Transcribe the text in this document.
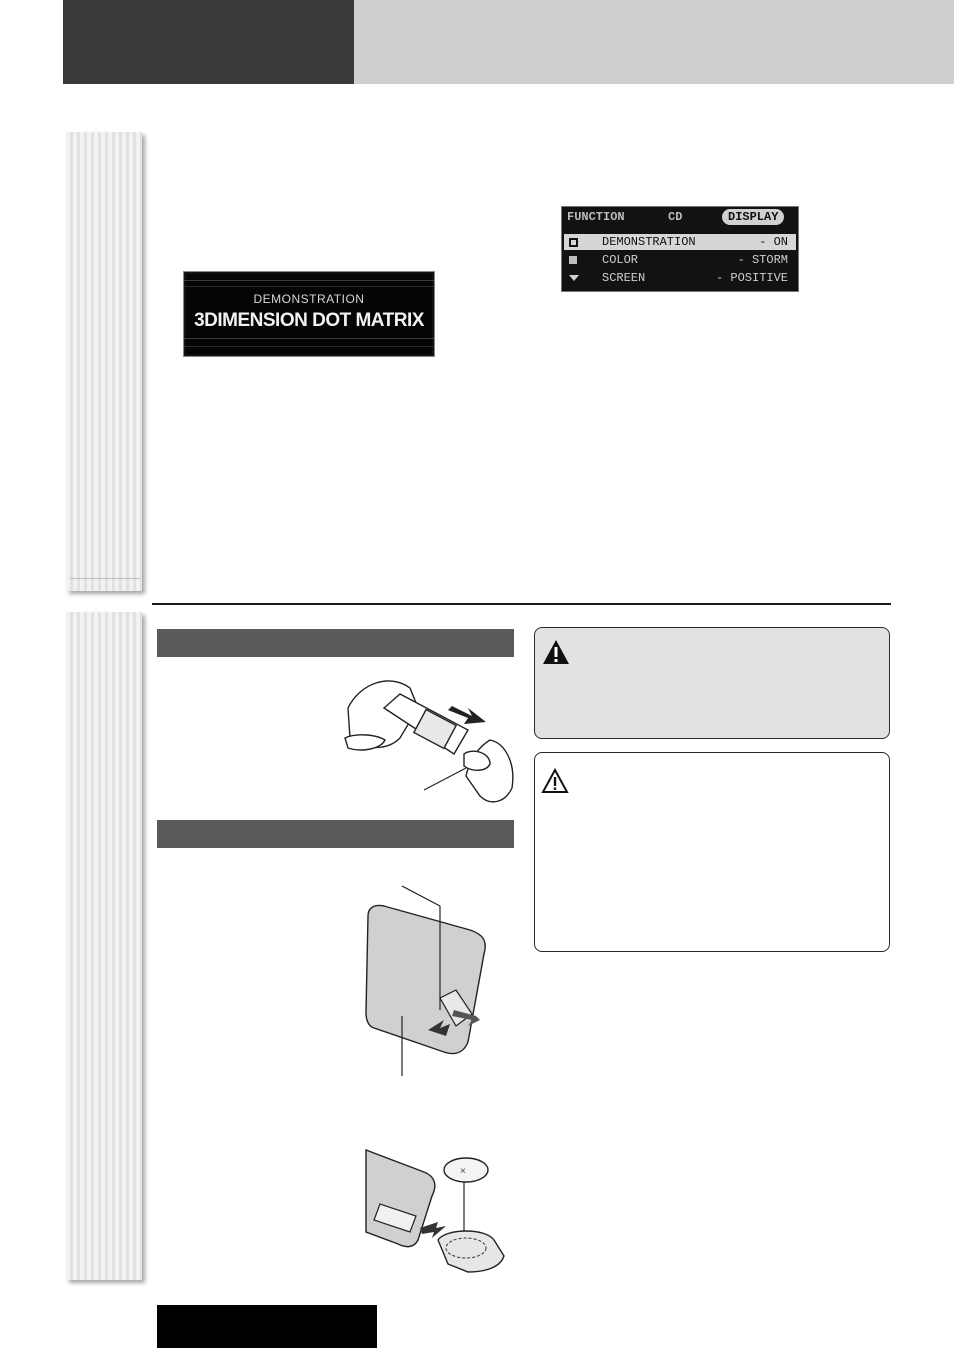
DEMONSTRATION
3DIMENSION DOT MATRIX
FUNCTION	CD	DISPLAY
DEMONSTRATION	- ON
COLOR	- STORM
SCREEN	- POSITIVE
×
